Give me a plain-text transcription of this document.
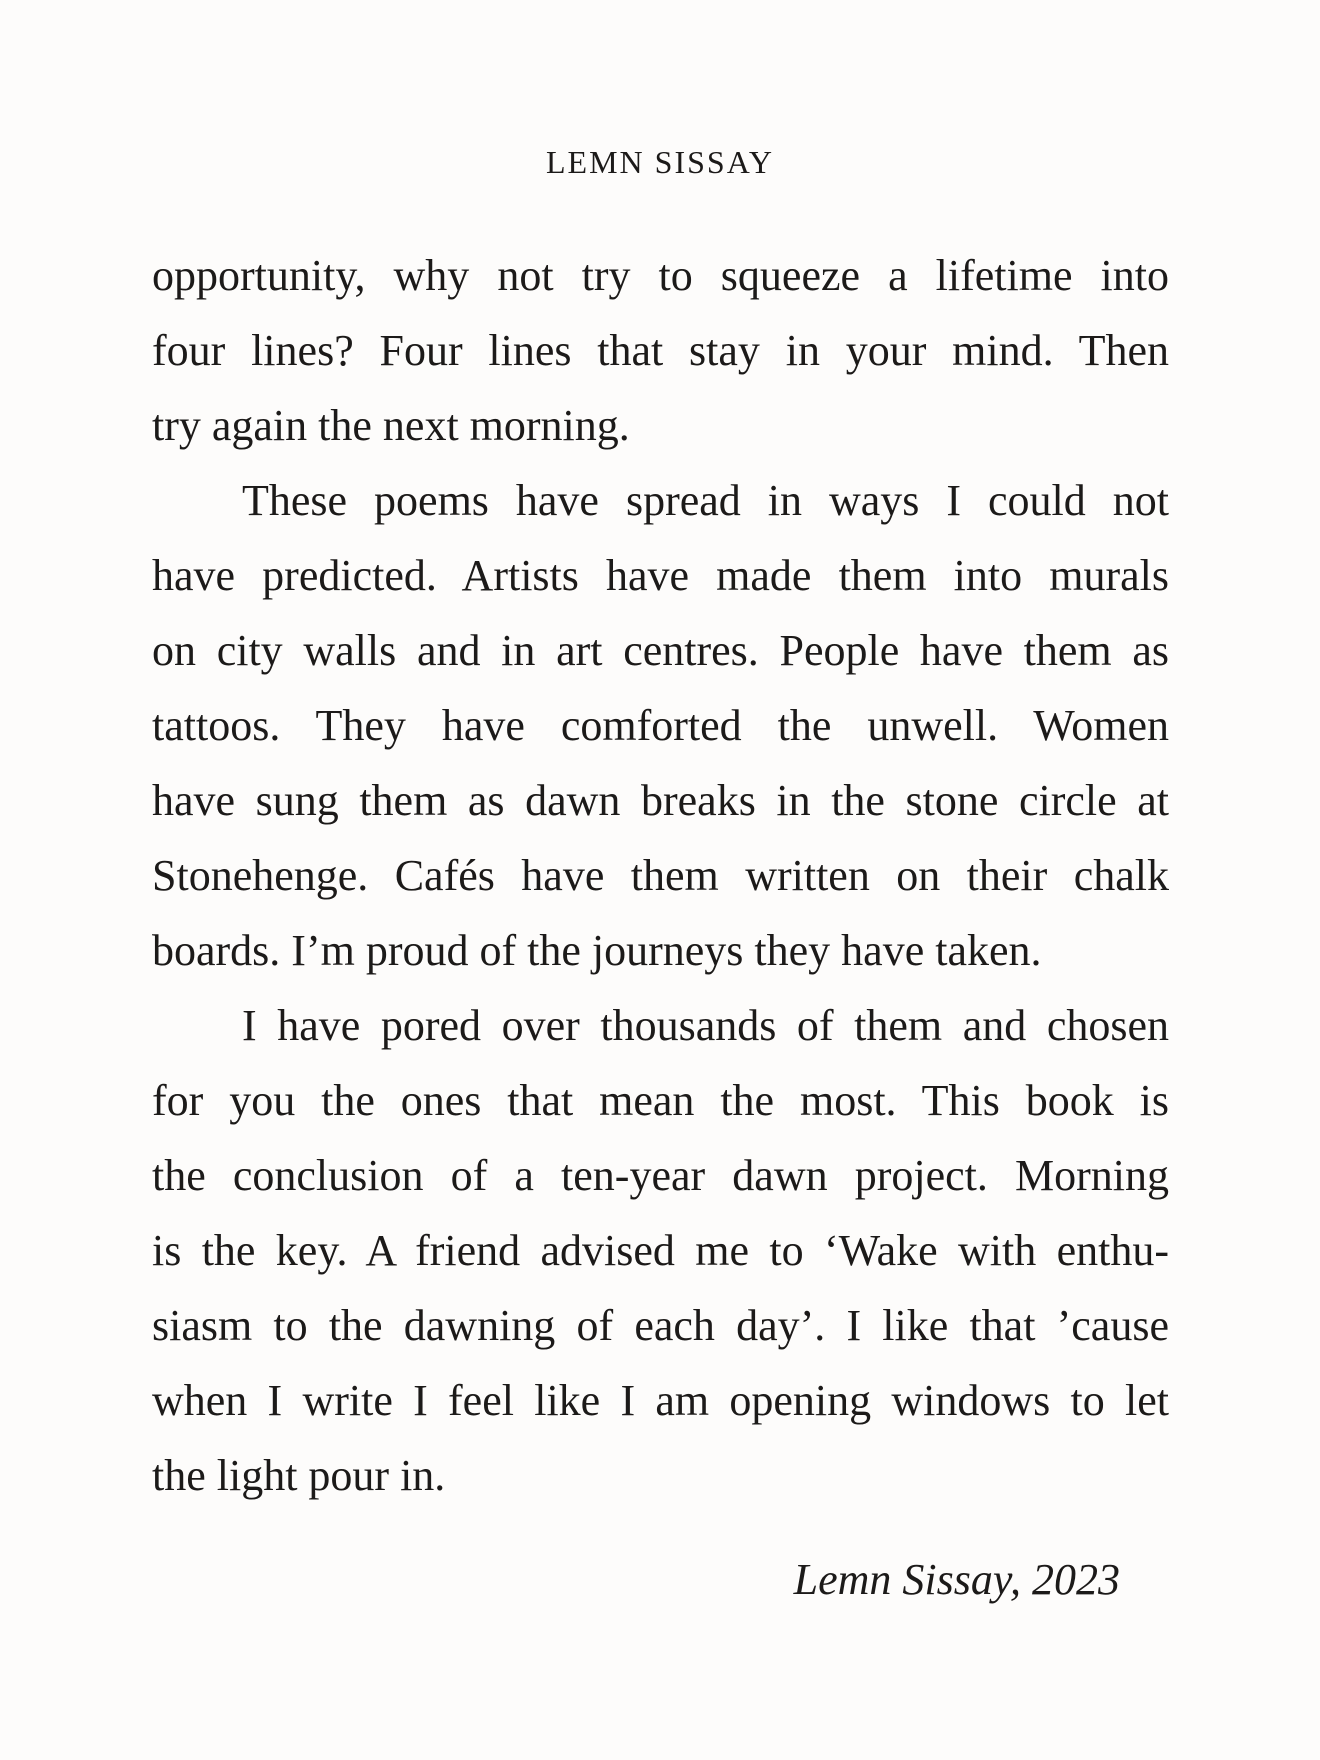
LEMN SISSAY
opportunity, why not try to squeeze a lifetime into
four lines? Four lines that stay in your mind. Then
try again the next morning.
These poems have spread in ways I could not
have predicted. Artists have made them into murals
on city walls and in art centres. People have them as
tattoos. They have comforted the unwell. Women
have sung them as dawn breaks in the stone circle at
Stonehenge. Cafés have them written on their chalk
boards. I’m proud of the journeys they have taken.
I have pored over thousands of them and chosen
for you the ones that mean the most. This book is
the conclusion of a ten-year dawn project. Morning
is the key. A friend advised me to ‘Wake with enthu-
siasm to the dawning of each day’. I like that ’cause
when I write I feel like I am opening windows to let
the light pour in.
Lemn Sissay, 2023
